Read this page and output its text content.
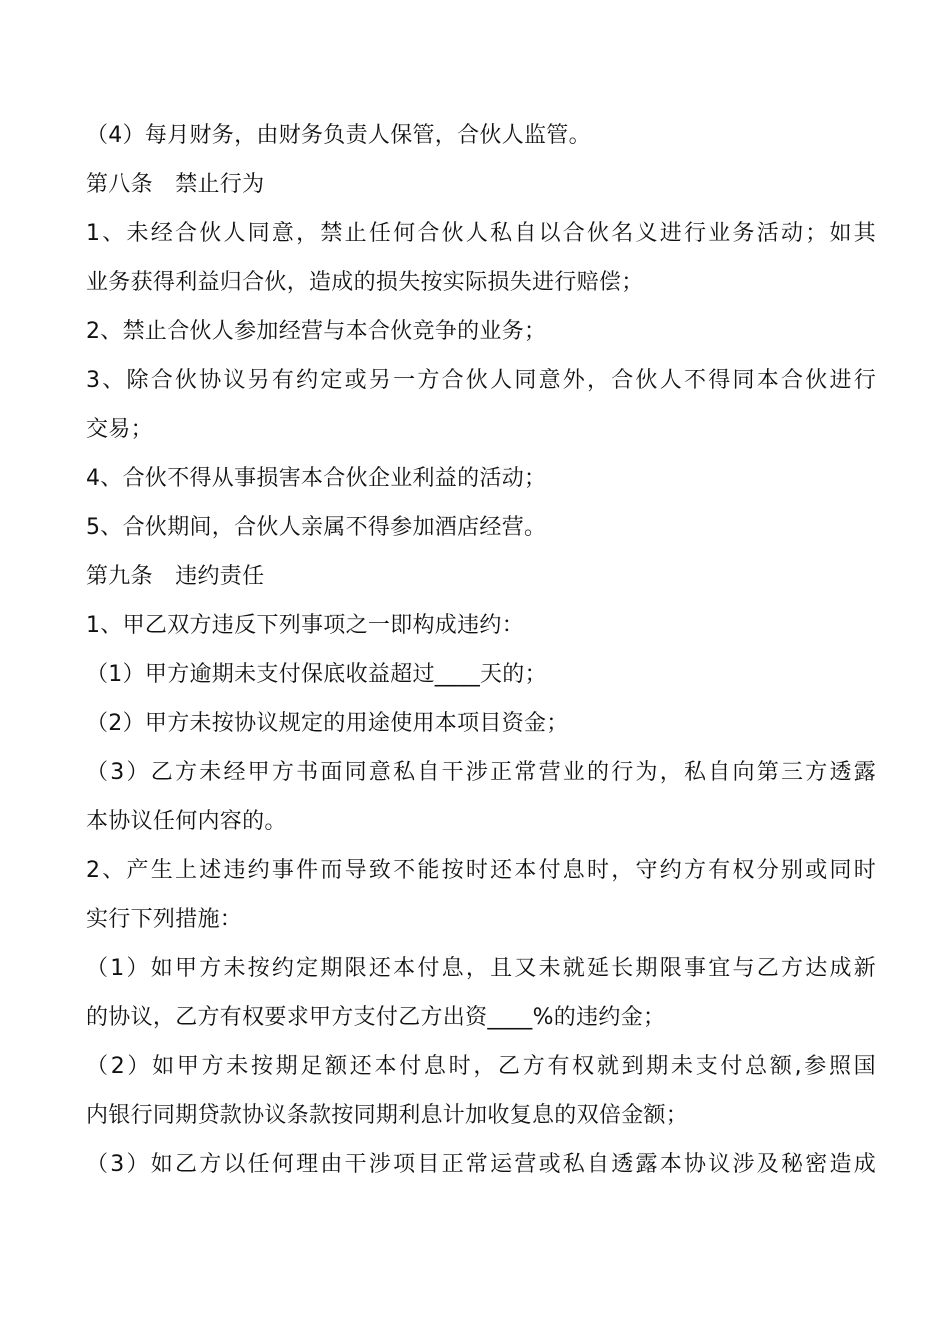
（4）每月财务，由财务负责人保管，合伙人监管。
第八条　禁止行为
1、未经合伙人同意，禁止任何合伙人私自以合伙名义进行业务活动；如其
业务获得利益归合伙，造成的损失按实际损失进行赔偿；
2、禁止合伙人参加经营与本合伙竞争的业务；
3、除合伙协议另有约定或另一方合伙人同意外，合伙人不得同本合伙进行
交易；
4、合伙不得从事损害本合伙企业利益的活动；
5、合伙期间，合伙人亲属不得参加酒店经营。
第九条　违约责任
1、甲乙双方违反下列事项之一即构成违约：
（1）甲方逾期未支付保底收益超过____天的；
（2）甲方未按协议规定的用途使用本项目资金；
（3）乙方未经甲方书面同意私自干涉正常营业的行为，私自向第三方透露
本协议任何内容的。
2、产生上述违约事件而导致不能按时还本付息时，守约方有权分别或同时
实行下列措施：
（1）如甲方未按约定期限还本付息，且又未就延长期限事宜与乙方达成新
的协议，乙方有权要求甲方支付乙方出资____%的违约金；
（2）如甲方未按期足额还本付息时，乙方有权就到期未支付总额,参照国
内银行同期贷款协议条款按同期利息计加收复息的双倍金额；
（3）如乙方以任何理由干涉项目正常运营或私自透露本协议涉及秘密造成
